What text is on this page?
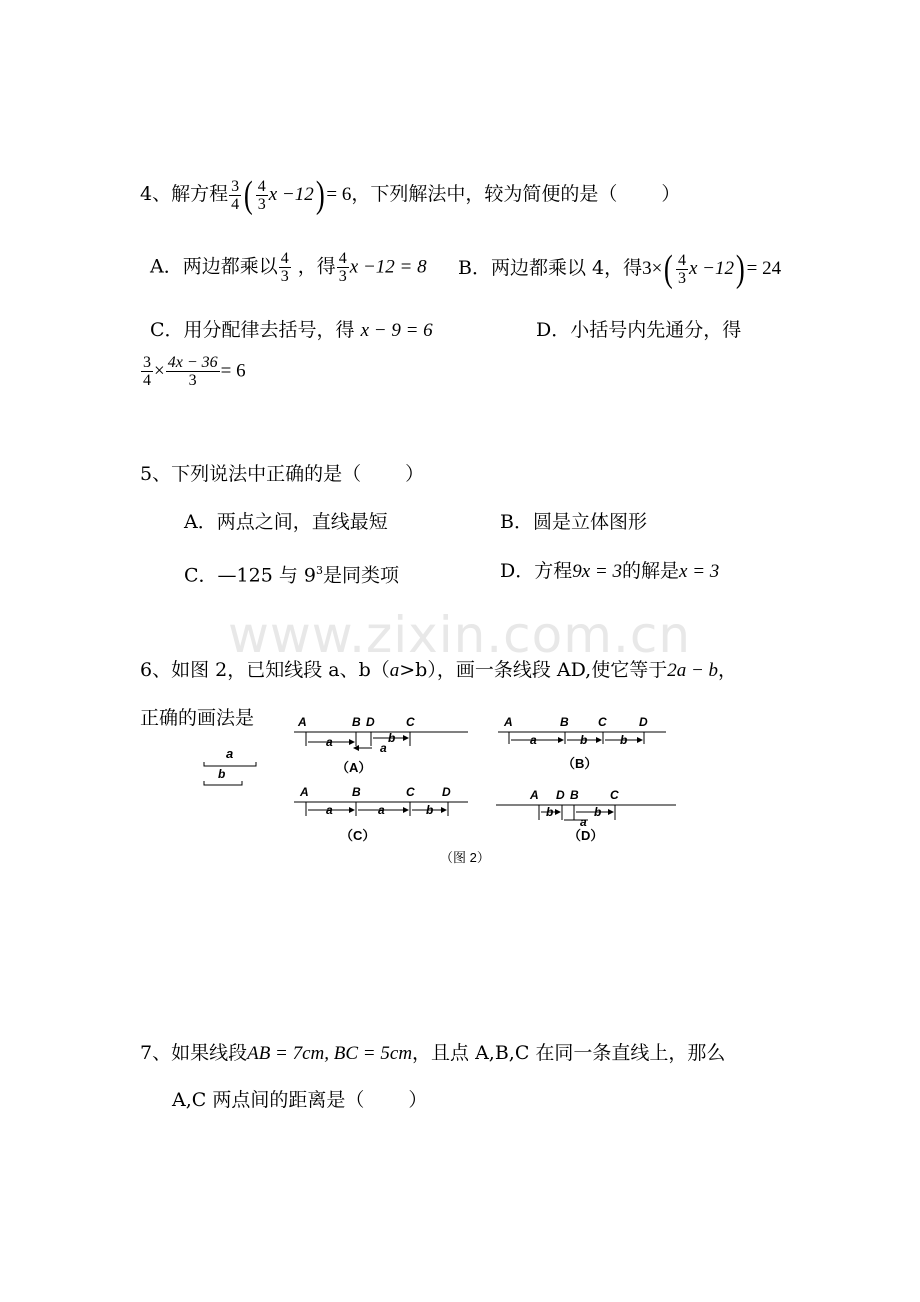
www.zixin.com.cn
4、解方程 $\frac{3}{4}$ ( $\frac{4}{3}$ x −12)= 6，下列解法中，较为简便的是（　　 ）
A．两边都乘以 $\frac{4}{3}$ ，得 $\frac{4}{3}$ x −12 = 8 B．两边都乘以 4，得$3\times( \frac{4}{3}$ x −12)= 24
C．用分配律去括号，得 x − 9 = 6	D．小括号内先通分，得
$\frac{3}{4} \times \frac{4x - 36}{3} = 6$
5、下列说法中正确的是（　　 ）
A．两点之间，直线最短	B．圆是立体图形
C．—125 与 $9^3$是同类项	D．方程9x = 3的解是x = 3
6、如图 2，已知线段 a、b（a>b），画一条线段 AD,使它等于2a − b，
正确的画法是
a
b
A	B D	C
a	a
b
（A）
A	B C	D
a	b	b
（B）
A	B	C D
a	a	b
（C）
A D B	C
b
a
b
（D）
（图 2）
7、如果线段AB = 7cm, BC = 5cm，且点 A,B,C 在同一条直线上，那么
A,C 两点间的距离是（　　 ）
